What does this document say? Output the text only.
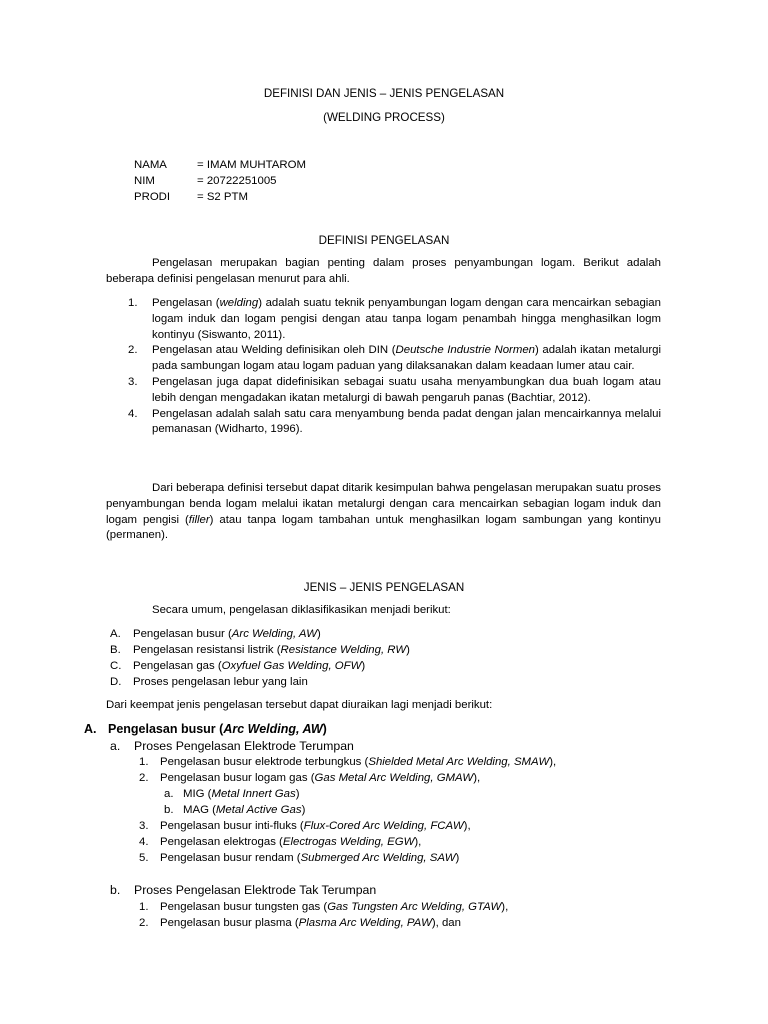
DEFINISI DAN JENIS – JENIS PENGELASAN
(WELDING PROCESS)
NAMA	= IMAM MUHTAROM
NIM	= 20722251005
PRODI = S2 PTM
DEFINISI PENGELASAN
Pengelasan merupakan bagian penting dalam proses penyambungan logam. Berikut adalah beberapa definisi pengelasan menurut para ahli.
1. Pengelasan (welding) adalah suatu teknik penyambungan logam dengan cara mencairkan sebagian logam induk dan logam pengisi dengan atau tanpa logam penambah hingga menghasilkan logm kontinyu (Siswanto, 2011).
2. Pengelasan atau Welding definisikan oleh DIN (Deutsche Industrie Normen) adalah ikatan metalurgi pada sambungan logam atau logam paduan yang dilaksanakan dalam keadaan lumer atau cair.
3. Pengelasan juga dapat didefinisikan sebagai suatu usaha menyambungkan dua buah logam atau lebih dengan mengadakan ikatan metalurgi di bawah pengaruh panas (Bachtiar, 2012).
4. Pengelasan adalah salah satu cara menyambung benda padat dengan jalan mencairkannya melalui pemanasan (Widharto, 1996).
Dari beberapa definisi tersebut dapat ditarik kesimpulan bahwa pengelasan merupakan suatu proses penyambungan benda logam melalui ikatan metalurgi dengan cara mencairkan sebagian logam induk dan logam pengisi (filler) atau tanpa logam tambahan untuk menghasilkan logam sambungan yang kontinyu (permanen).
JENIS – JENIS PENGELASAN
Secara umum, pengelasan diklasifikasikan menjadi berikut:
A. Pengelasan busur (Arc Welding, AW)
B. Pengelasan resistansi listrik (Resistance Welding, RW)
C. Pengelasan gas (Oxyfuel Gas Welding, OFW)
D. Proses pengelasan lebur yang lain
Dari keempat jenis pengelasan tersebut dapat diuraikan lagi menjadi berikut:
A. Pengelasan busur (Arc Welding, AW)
a. Proses Pengelasan Elektrode Terumpan
1. Pengelasan busur elektrode terbungkus (Shielded Metal Arc Welding, SMAW),
2. Pengelasan busur logam gas (Gas Metal Arc Welding, GMAW),
a. MIG (Metal Innert Gas)
b. MAG (Metal Active Gas)
3. Pengelasan busur inti-fluks (Flux-Cored Arc Welding, FCAW),
4. Pengelasan elektrogas (Electrogas Welding, EGW),
5. Pengelasan busur rendam (Submerged Arc Welding, SAW)
b. Proses Pengelasan Elektrode Tak Terumpan
1. Pengelasan busur tungsten gas (Gas Tungsten Arc Welding, GTAW),
2. Pengelasan busur plasma (Plasma Arc Welding, PAW), dan
